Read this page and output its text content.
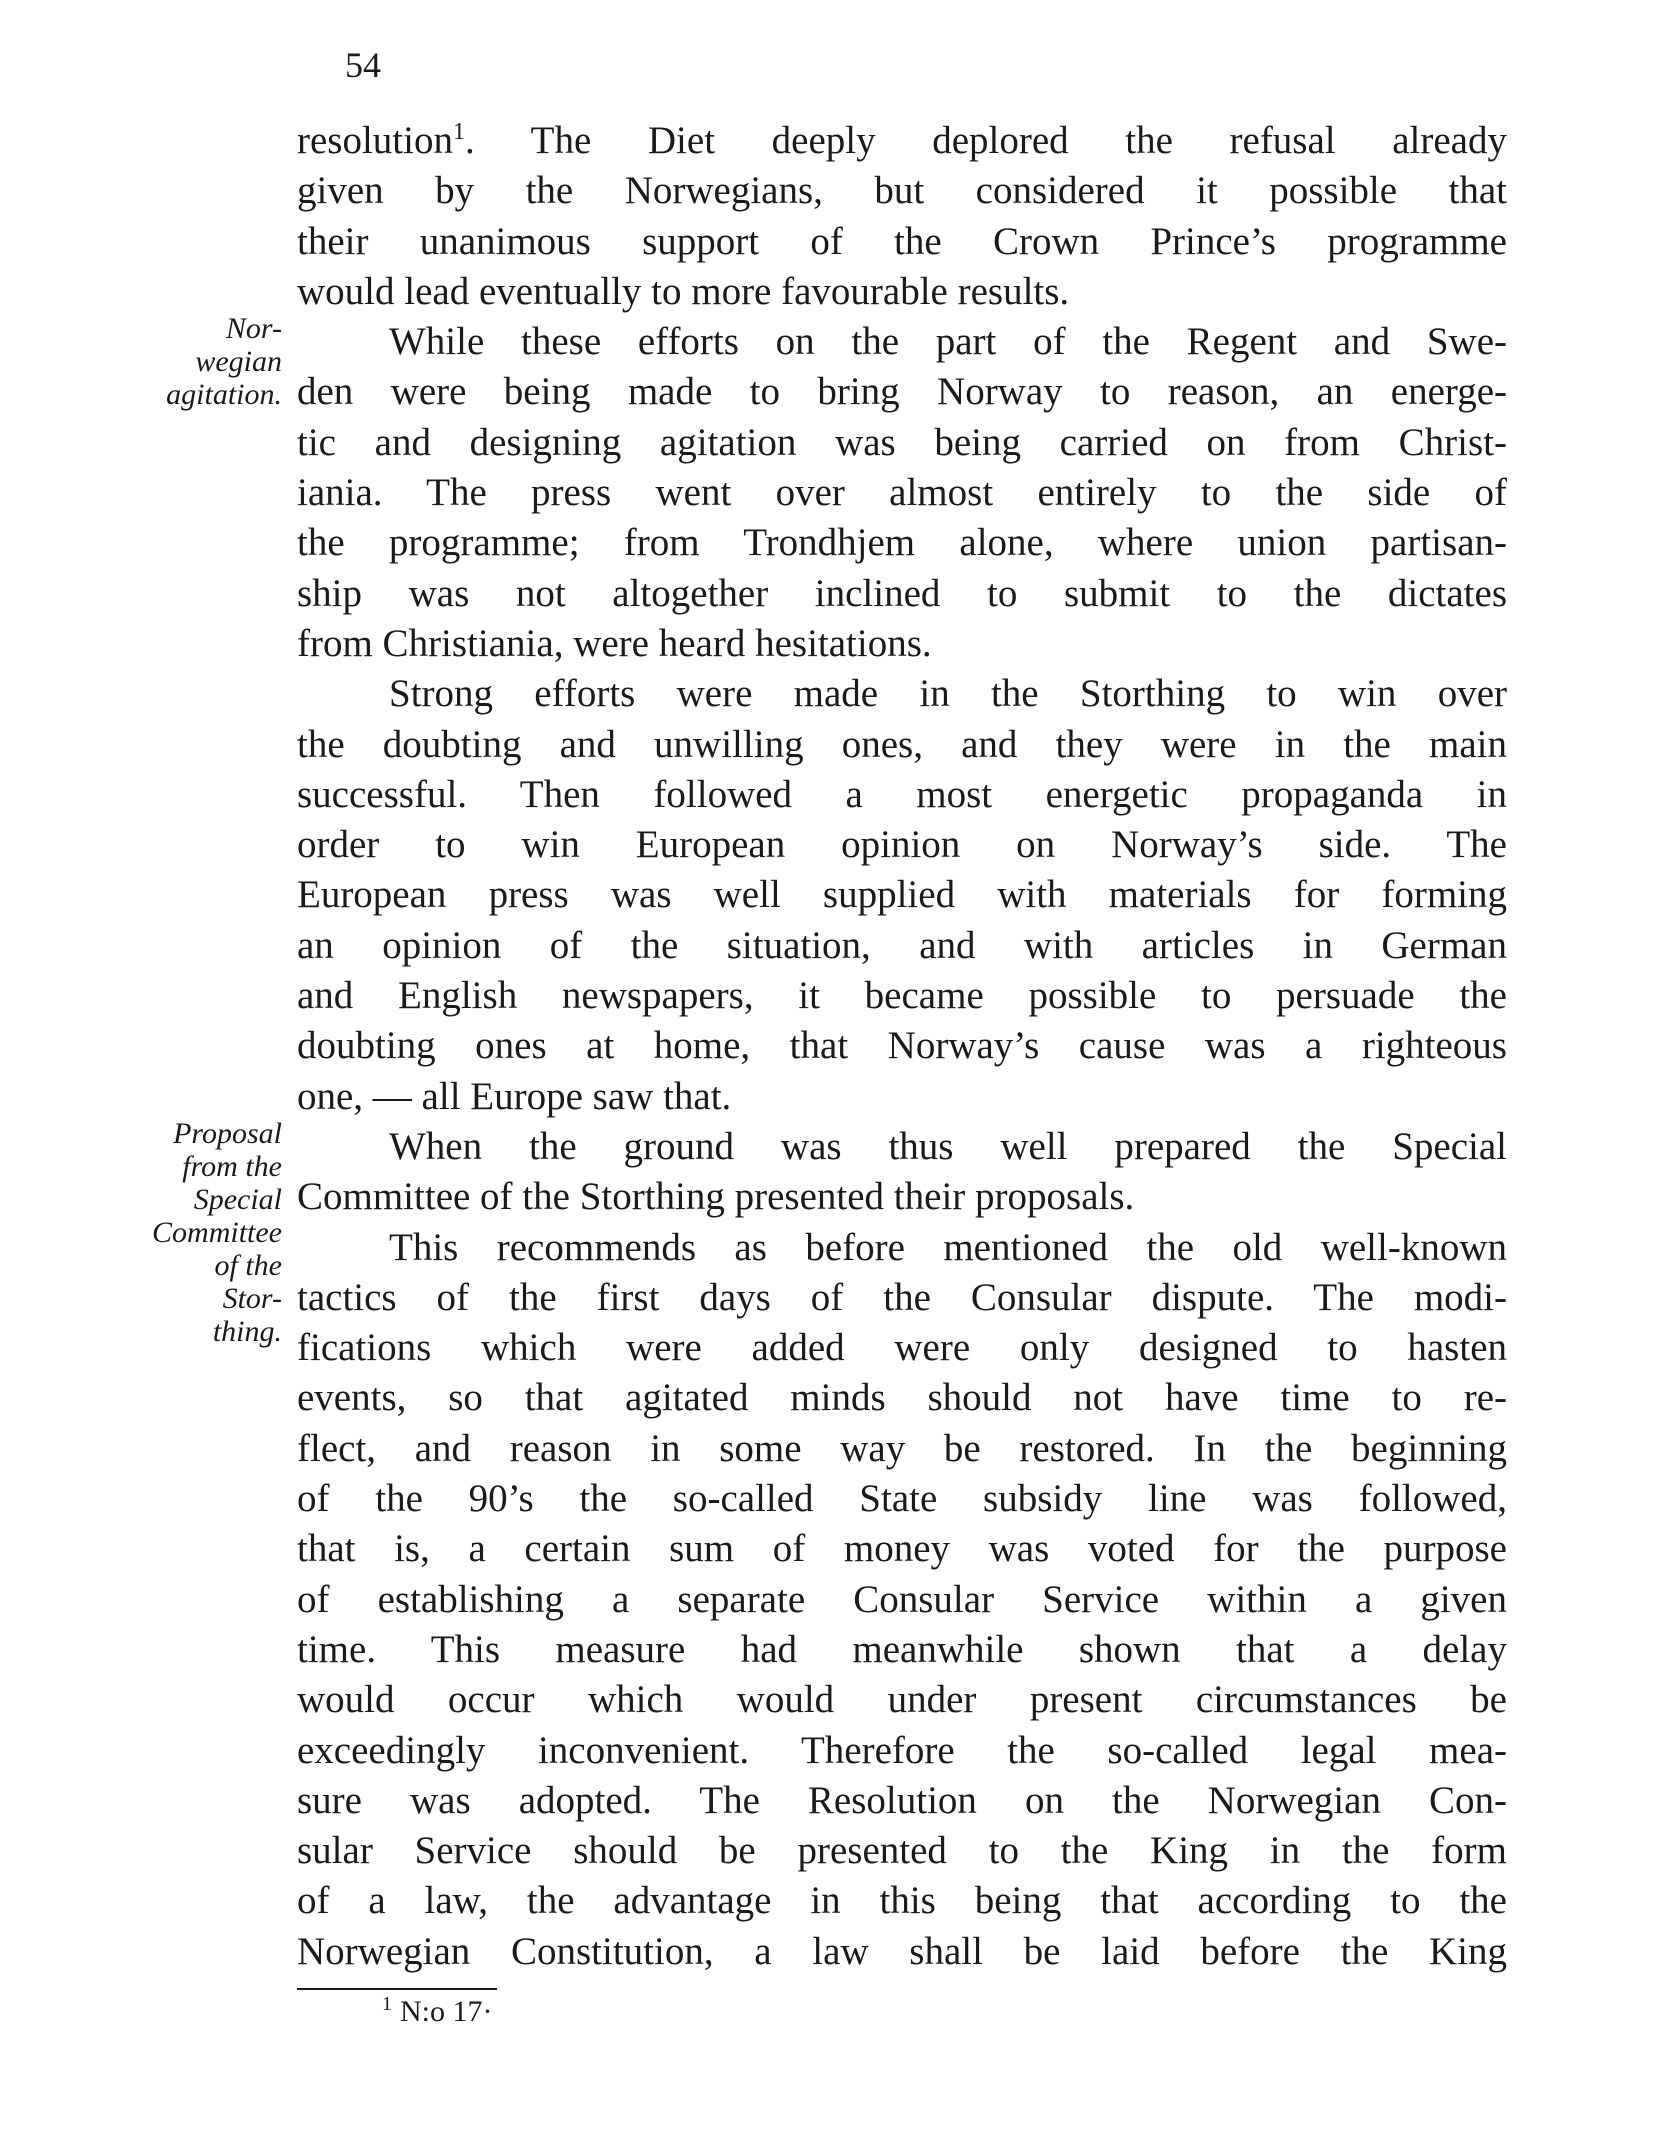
54
Nor-
wegian
agitation.
Proposal
from the
Special
Committee
of the
Stor-
thing.
resolution$^1$. The Diet deeply deplored the refusal already
given by the Norwegians, but considered it possible that
their unanimous support of the Crown Prince’s programme
would lead eventually to more favourable results.
While these efforts on the part of the Regent and Swe-
den were being made to bring Norway to reason, an energe-
tic and designing agitation was being carried on from Christ-
iania. The press went over almost entirely to the side of
the programme; from Trondhjem alone, where union partisan-
ship was not altogether inclined to submit to the dictates
from Christiania, were heard hesitations.
Strong efforts were made in the Storthing to win over
the doubting and unwilling ones, and they were in the main
successful. Then followed a most energetic propaganda in
order to win European opinion on Norway’s side. The
European press was well supplied with materials for forming
an opinion of the situation, and with articles in German
and English newspapers, it became possible to persuade the
doubting ones at home, that Norway’s cause was a righteous
one, — all Europe saw that.
When the ground was thus well prepared the Special
Committee of the Storthing presented their proposals.
This recommends as before mentioned the old well-known
tactics of the first days of the Consular dispute. The modi-
fications which were added were only designed to hasten
events, so that agitated minds should not have time to re-
flect, and reason in some way be restored. In the beginning
of the 90’s the so-called State subsidy line was followed,
that is, a certain sum of money was voted for the purpose
of establishing a separate Consular Service within a given
time. This measure had meanwhile shown that a delay
would occur which would under present circumstances be
exceedingly inconvenient. Therefore the so-called legal mea-
sure was adopted. The Resolution on the Norwegian Con-
sular Service should be presented to the King in the form
of a law, the advantage in this being that according to the
Norwegian Constitution, a law shall be laid before the King
$^1$ N:o 17·
